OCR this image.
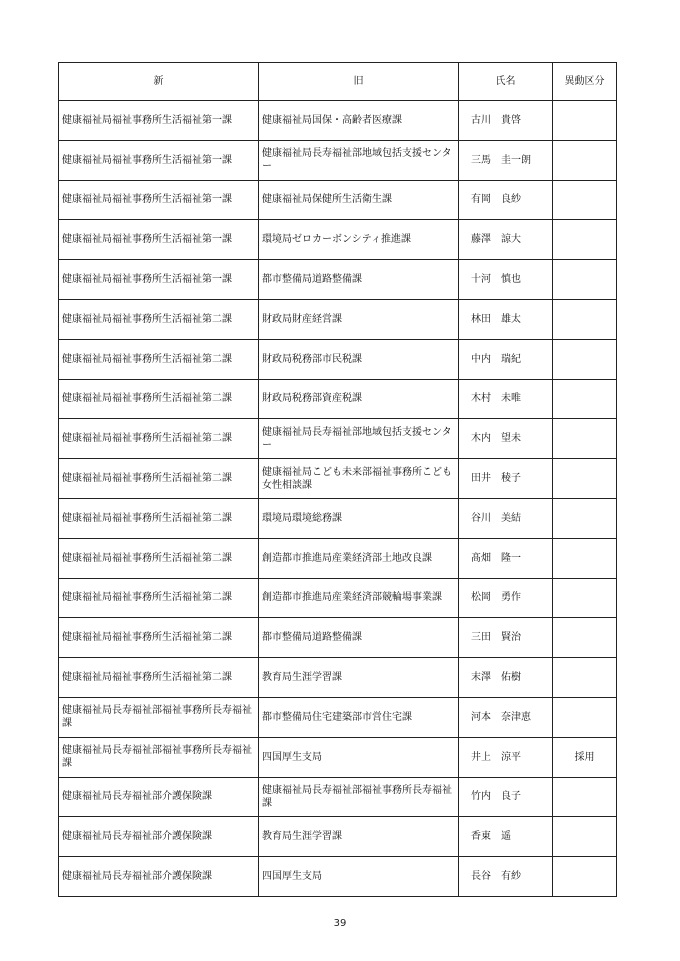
新	旧	氏名	異動区分
健康福祉局福祉事務所生活福祉第一課	健康福祉局国保・高齢者医療課	古川　貴啓	
健康福祉局福祉事務所生活福祉第一課	健康福祉局長寿福祉部地域包括支援センター	三馬　圭一朗	
健康福祉局福祉事務所生活福祉第一課	健康福祉局保健所生活衛生課	有岡　良紗	
健康福祉局福祉事務所生活福祉第一課	環境局ゼロカーボンシティ推進課	藤澤　諒大	
健康福祉局福祉事務所生活福祉第一課	都市整備局道路整備課	十河　慎也	
健康福祉局福祉事務所生活福祉第二課	財政局財産経営課	林田　雄太	
健康福祉局福祉事務所生活福祉第二課	財政局税務部市民税課	中内　瑞紀	
健康福祉局福祉事務所生活福祉第二課	財政局税務部資産税課	木村　未唯	
健康福祉局福祉事務所生活福祉第二課	健康福祉局長寿福祉部地域包括支援センター	木内　望未	
健康福祉局福祉事務所生活福祉第二課	健康福祉局こども未来部福祉事務所こども女性相談課	田井　稜子	
健康福祉局福祉事務所生活福祉第二課	環境局環境総務課	谷川　美結	
健康福祉局福祉事務所生活福祉第二課	創造都市推進局産業経済部土地改良課	髙畑　隆一	
健康福祉局福祉事務所生活福祉第二課	創造都市推進局産業経済部競輪場事業課	松岡　勇作	
健康福祉局福祉事務所生活福祉第二課	都市整備局道路整備課	三田　賢治	
健康福祉局福祉事務所生活福祉第二課	教育局生涯学習課	末澤　佑樹	
健康福祉局長寿福祉部福祉事務所長寿福祉課	都市整備局住宅建築部市営住宅課	河本　奈津恵	
健康福祉局長寿福祉部福祉事務所長寿福祉課	四国厚生支局	井上　涼平	採用
健康福祉局長寿福祉部介護保険課	健康福祉局長寿福祉部福祉事務所長寿福祉課	竹内　良子	
健康福祉局長寿福祉部介護保険課	教育局生涯学習課	香東　遥	
健康福祉局長寿福祉部介護保険課	四国厚生支局	長谷　有紗	
39
